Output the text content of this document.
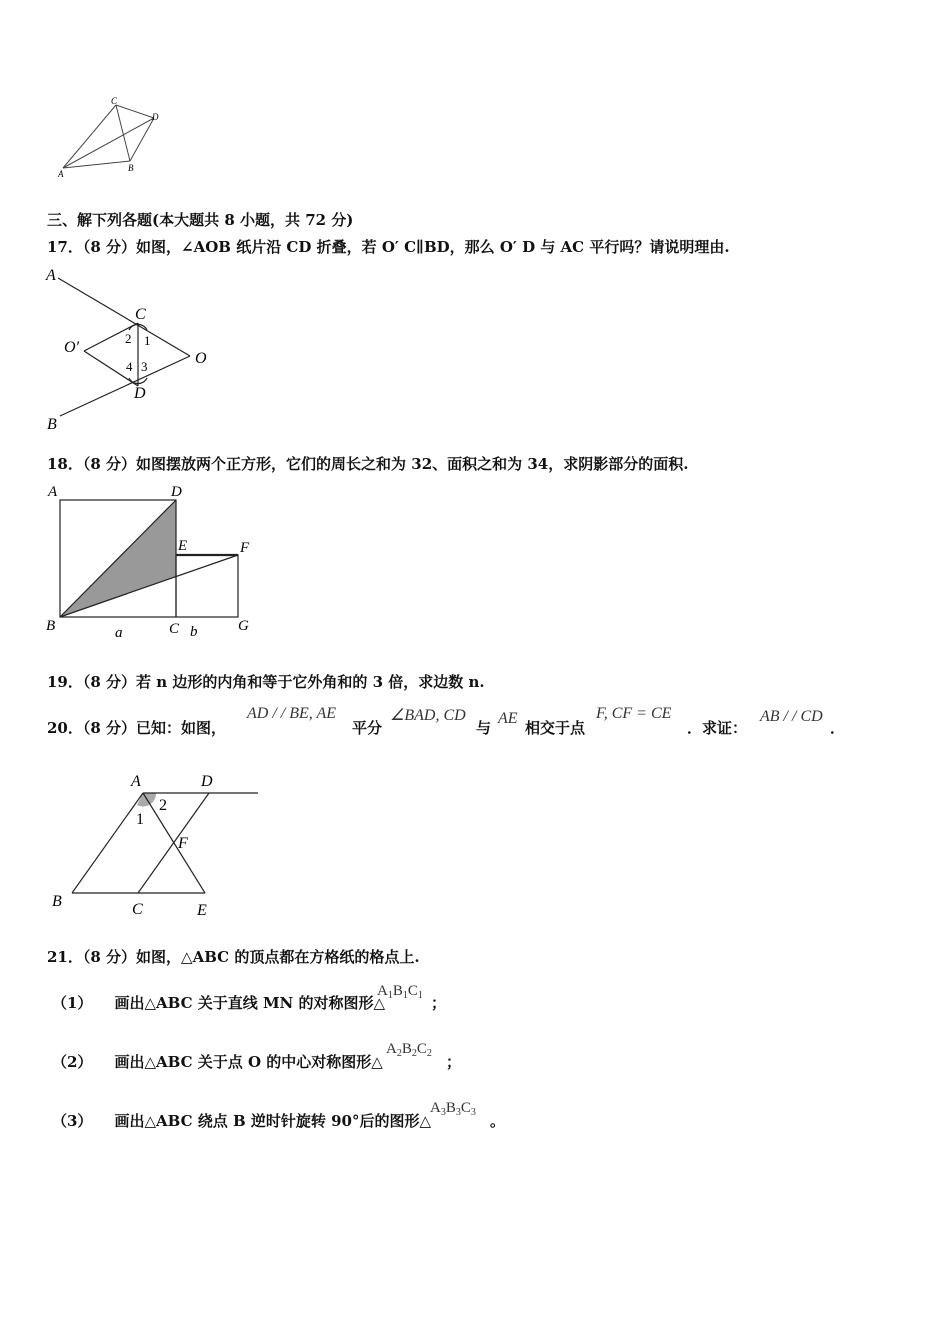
A
B
C
D
三、解下列各题(本大题共 8 小题，共 72 分)
17．（8 分）如图，∠AOB 纸片沿 CD 折叠，若 O′ C∥BD，那么 O′ D 与 AC 平行吗？请说明理由.
A
C
O′
O
D
B
2 1
4 3
18．（8 分）如图摆放两个正方形，它们的周长之和为 32、面积之和为 34，求阴影部分的面积.
A	D
E	F
B	a	C b	G
19．（8 分）若 n 边形的内角和等于它外角和的 3 倍，求边数 n.
20．（8 分）已知：如图，
AD / / BE, AE
平分
∠BAD, CD
与
AE
相交于点
F, CF = CE
．求证：
AB / / CD
．
A	D
2
1
F
B	C	E
21．（8 分）如图，△ABC 的顶点都在方格纸的格点上.
（1） 画出△ABC 关于直线 MN 的对称图形△
$A_1B_1C_1$ ；
（2） 画出△ABC 关于点 O 的中心对称图形△
$A_2B_2C_2$ ；
（3） 画出△ABC 绕点 B 逆时针旋转 90°后的图形△
$A_3B_3C_3$ 。
